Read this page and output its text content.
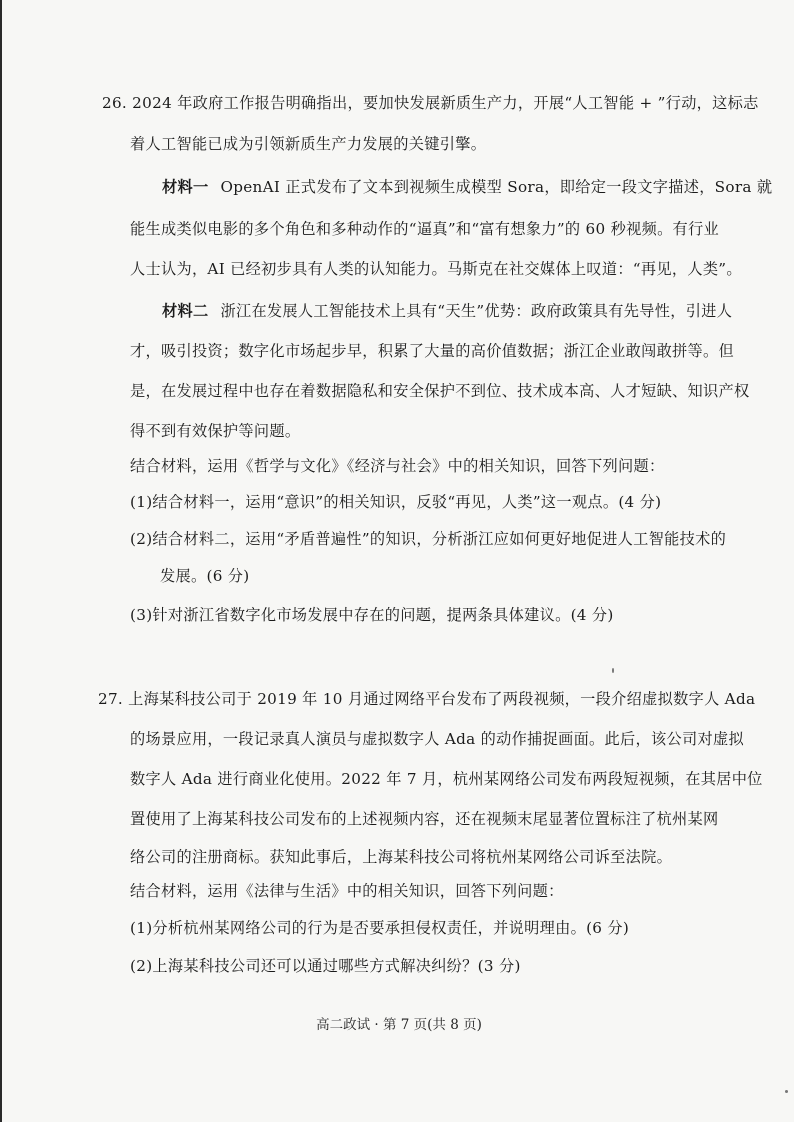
26. 2024 年政府工作报告明确指出，要加快发展新质生产力，开展“人工智能 + ”行动，这标志
着人工智能已成为引领新质生产力发展的关键引擎。
材料一 OpenAI 正式发布了文本到视频生成模型 Sora，即给定一段文字描述，Sora 就
能生成类似电影的多个角色和多种动作的“逼真”和“富有想象力”的 60 秒视频。有行业
人士认为，AI 已经初步具有人类的认知能力。马斯克在社交媒体上叹道：“再见，人类”。
材料二 浙江在发展人工智能技术上具有“天生”优势：政府政策具有先导性，引进人
才，吸引投资；数字化市场起步早，积累了大量的高价值数据；浙江企业敢闯敢拼等。但
是，在发展过程中也存在着数据隐私和安全保护不到位、技术成本高、人才短缺、知识产权
得不到有效保护等问题。
结合材料，运用《哲学与文化》《经济与社会》中的相关知识，回答下列问题：
(1)结合材料一，运用“意识”的相关知识，反驳“再见，人类”这一观点。(4 分)
(2)结合材料二，运用“矛盾普遍性”的知识，分析浙江应如何更好地促进人工智能技术的
发展。(6 分)
(3)针对浙江省数字化市场发展中存在的问题，提两条具体建议。(4 分)
27. 上海某科技公司于 2019 年 10 月通过网络平台发布了两段视频，一段介绍虚拟数字人 Ada
的场景应用，一段记录真人演员与虚拟数字人 Ada 的动作捕捉画面。此后，该公司对虚拟
数字人 Ada 进行商业化使用。2022 年 7 月，杭州某网络公司发布两段短视频，在其居中位
置使用了上海某科技公司发布的上述视频内容，还在视频末尾显著位置标注了杭州某网
络公司的注册商标。获知此事后，上海某科技公司将杭州某网络公司诉至法院。
结合材料，运用《法律与生活》中的相关知识，回答下列问题：
(1)分析杭州某网络公司的行为是否要承担侵权责任，并说明理由。(6 分)
(2)上海某科技公司还可以通过哪些方式解决纠纷？(3 分)
高二政试 · 第 7 页(共 8 页)
